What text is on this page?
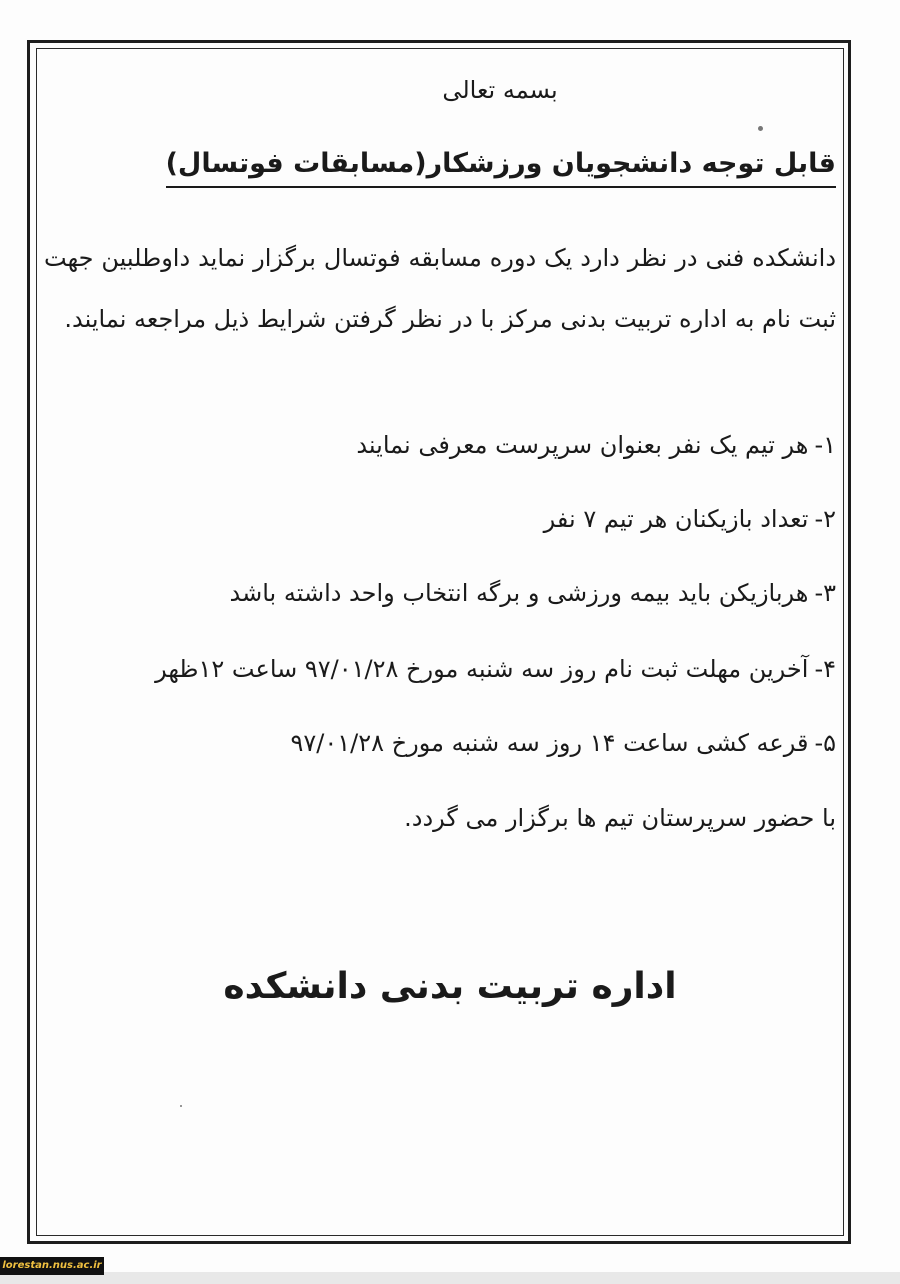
بسمه تعالی
قابل توجه دانشجویان ورزشکار(مسابقات فوتسال)
دانشکده فنی در نظر دارد یک دوره مسابقه فوتسال برگزار نماید داوطلبین جهت ثبت نام به اداره تربیت بدنی مرکز با در نظر گرفتن شرایط ذیل مراجعه نمایند.
۱-هر تیم یک نفر بعنوان سرپرست معرفی نمایند
۲-تعداد بازیکنان هر تیم ۷ نفر
۳-هربازیکن باید بیمه ورزشی و برگه انتخاب واحد داشته باشد
۴-آخرین مهلت ثبت نام روز سه شنبه مورخ ۹۷/۰۱/۲۸ ساعت ۱۲ظهر
۵-قرعه کشی ساعت ۱۴ روز سه شنبه مورخ ۹۷/۰۱/۲۸
با حضور سرپرستان تیم ها برگزار می گردد.
اداره تربیت بدنی دانشکده
lorestan.nus.ac.ir
